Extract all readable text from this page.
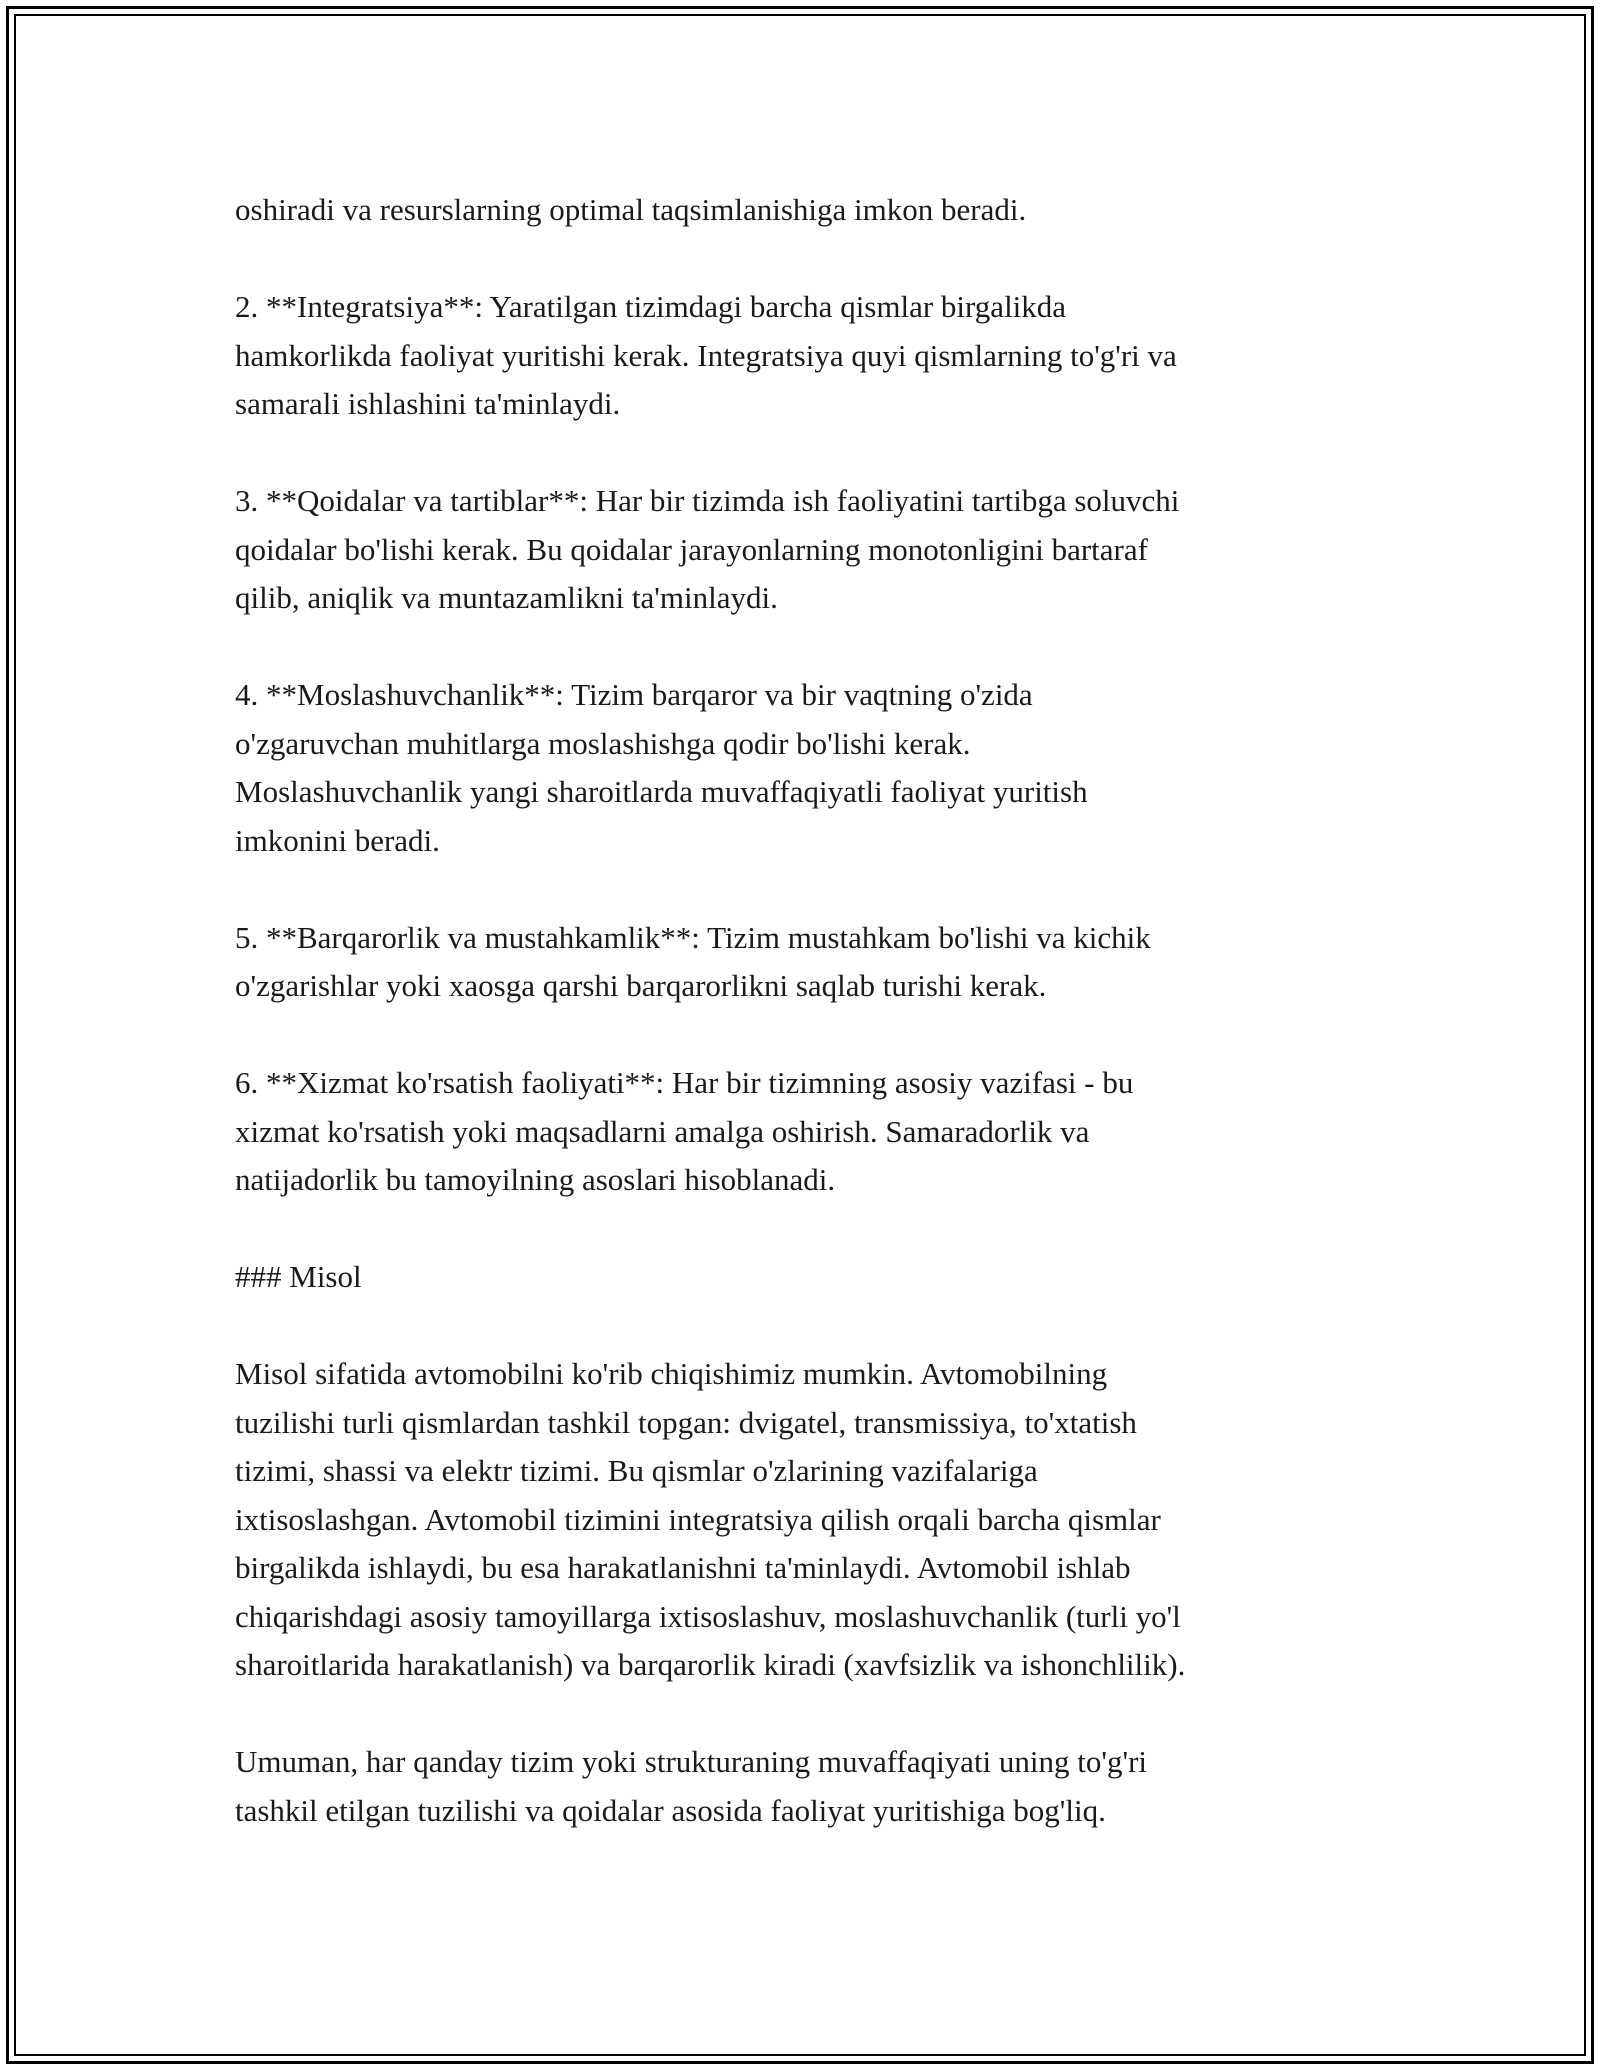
oshiradi va resurslarning optimal taqsimlanishiga imkon beradi.

2. **Integratsiya**: Yaratilgan tizimdagi barcha qismlar birgalikda
hamkorlikda faoliyat yuritishi kerak. Integratsiya quyi qismlarning to'g'ri va
samarali ishlashini ta'minlaydi.

3. **Qoidalar va tartiblar**: Har bir tizimda ish faoliyatini tartibga soluvchi
qoidalar bo'lishi kerak. Bu qoidalar jarayonlarning monotonligini bartaraf
qilib, aniqlik va muntazamlikni ta'minlaydi.

4. **Moslashuvchanlik**: Tizim barqaror va bir vaqtning o'zida
o'zgaruvchan muhitlarga moslashishga qodir bo'lishi kerak.
Moslashuvchanlik yangi sharoitlarda muvaffaqiyatli faoliyat yuritish
imkonini beradi.

5. **Barqarorlik va mustahkamlik**: Tizim mustahkam bo'lishi va kichik
o'zgarishlar yoki xaosga qarshi barqarorlikni saqlab turishi kerak.

6. **Xizmat ko'rsatish faoliyati**: Har bir tizimning asosiy vazifasi - bu
xizmat ko'rsatish yoki maqsadlarni amalga oshirish. Samaradorlik va
natijadorlik bu tamoyilning asoslari hisoblanadi.

### Misol

Misol sifatida avtomobilni ko'rib chiqishimiz mumkin. Avtomobilning
tuzilishi turli qismlardan tashkil topgan: dvigatel, transmissiya, to'xtatish
tizimi, shassi va elektr tizimi. Bu qismlar o'zlarining vazifalariga
ixtisoslashgan. Avtomobil tizimini integratsiya qilish orqali barcha qismlar
birgalikda ishlaydi, bu esa harakatlanishni ta'minlaydi. Avtomobil ishlab
chiqarishdagi asosiy tamoyillarga ixtisoslashuv, moslashuvchanlik (turli yo'l
sharoitlarida harakatlanish) va barqarorlik kiradi (xavfsizlik va ishonchlilik).

Umuman, har qanday tizim yoki strukturaning muvaffaqiyati uning to'g'ri
tashkil etilgan tuzilishi va qoidalar asosida faoliyat yuritishiga bog'liq.
